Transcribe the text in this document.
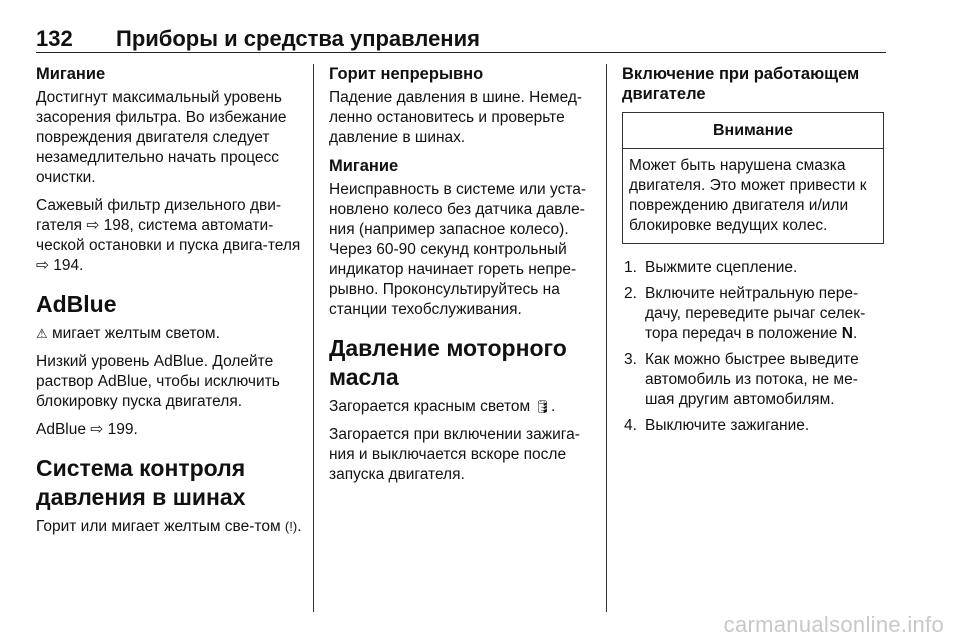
132 Приборы и средства управления
Мигание

Достигнут максимальный уровень засорения фильтра. Во избежание повреждения двигателя следует незамедлительно начать процесс очистки.

Сажевый фильтр дизельного дви-гателя ⇨ 198, система автомати-ческой остановки и пуска двига-теля ⇨ 194.

AdBlue

⚠ мигает желтым светом.

Низкий уровень AdBlue. Долейте раствор AdBlue, чтобы исключить блокировку пуска двигателя.

AdBlue ⇨ 199.

Система контроля давления в шинах

Горит или мигает желтым све-том (!).

Горит непрерывно

Падение давления в шине. Немед-ленно остановитесь и проверьте давление в шинах.

Мигание

Неисправность в системе или уста-новлено колесо без датчика давле-ния (например запасное колесо). Через 60-90 секунд контрольный индикатор начинает гореть непре-рывно. Проконсультируйтесь на станции техобслуживания.

Давление моторного масла

Загорается красным светом 🛢.

Загорается при включении зажига-ния и выключается вскоре после запуска двигателя.

Включение при работающем двигателе
Внимание
Может быть нарушена смазка двигателя. Это может привести к повреждению двигателя и/или блокировке ведущих колес.
1. Выжмите сцепление.
2. Включите нейтральную пере-дачу, переведите рычаг селек-тора передач в положение N.
3. Как можно быстрее выведите автомобиль из потока, не ме-шая другим автомобилям.
4. Выключите зажигание.
carmanualsonline.info
